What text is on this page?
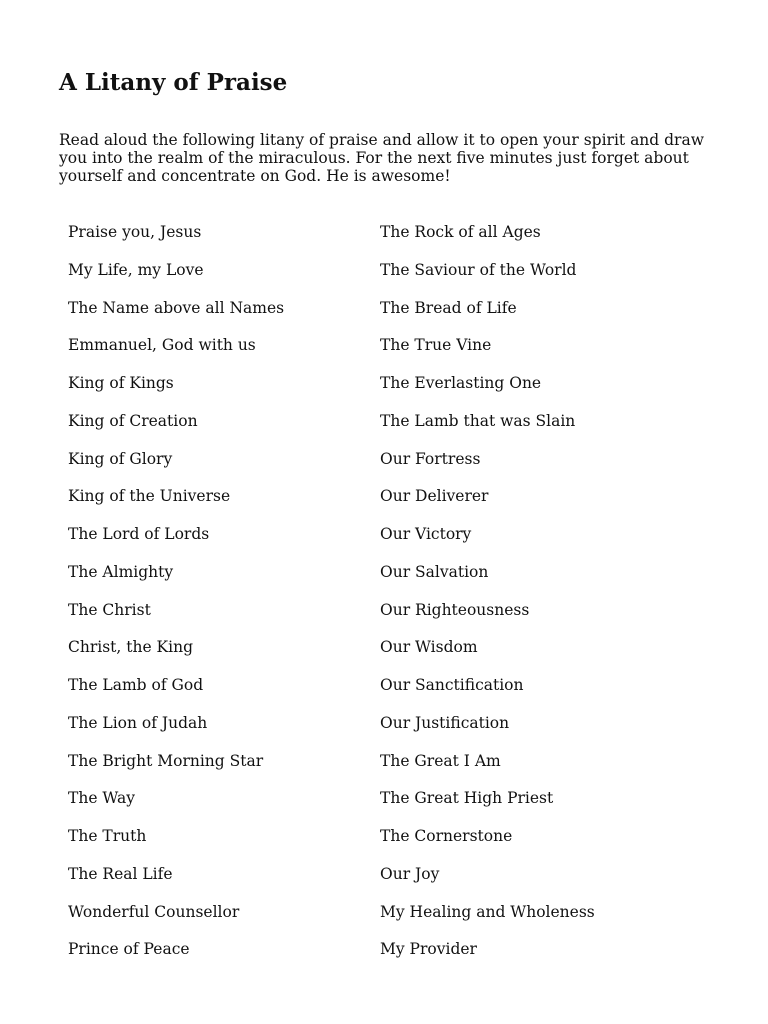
A Litany of Praise

Read aloud the following litany of praise and allow it to open your spirit and draw you into the realm of the miraculous. For the next five minutes just forget about yourself and concentrate on God. He is awesome!

Praise you, Jesus
My Life, my Love
The Name above all Names
Emmanuel, God with us
King of Kings
King of Creation
King of Glory
King of the Universe
The Lord of Lords
The Almighty
The Christ
Christ, the King
The Lamb of God
The Lion of Judah
The Bright Morning Star
The Way
The Truth
The Real Life
Wonderful Counsellor
Prince of Peace
The Rock of all Ages
The Saviour of the World
The Bread of Life
The True Vine
The Everlasting One
The Lamb that was Slain
Our Fortress
Our Deliverer
Our Victory
Our Salvation
Our Righteousness
Our Wisdom
Our Sanctification
Our Justification
The Great I Am
The Great High Priest
The Cornerstone
Our Joy
My Healing and Wholeness
My Provider
